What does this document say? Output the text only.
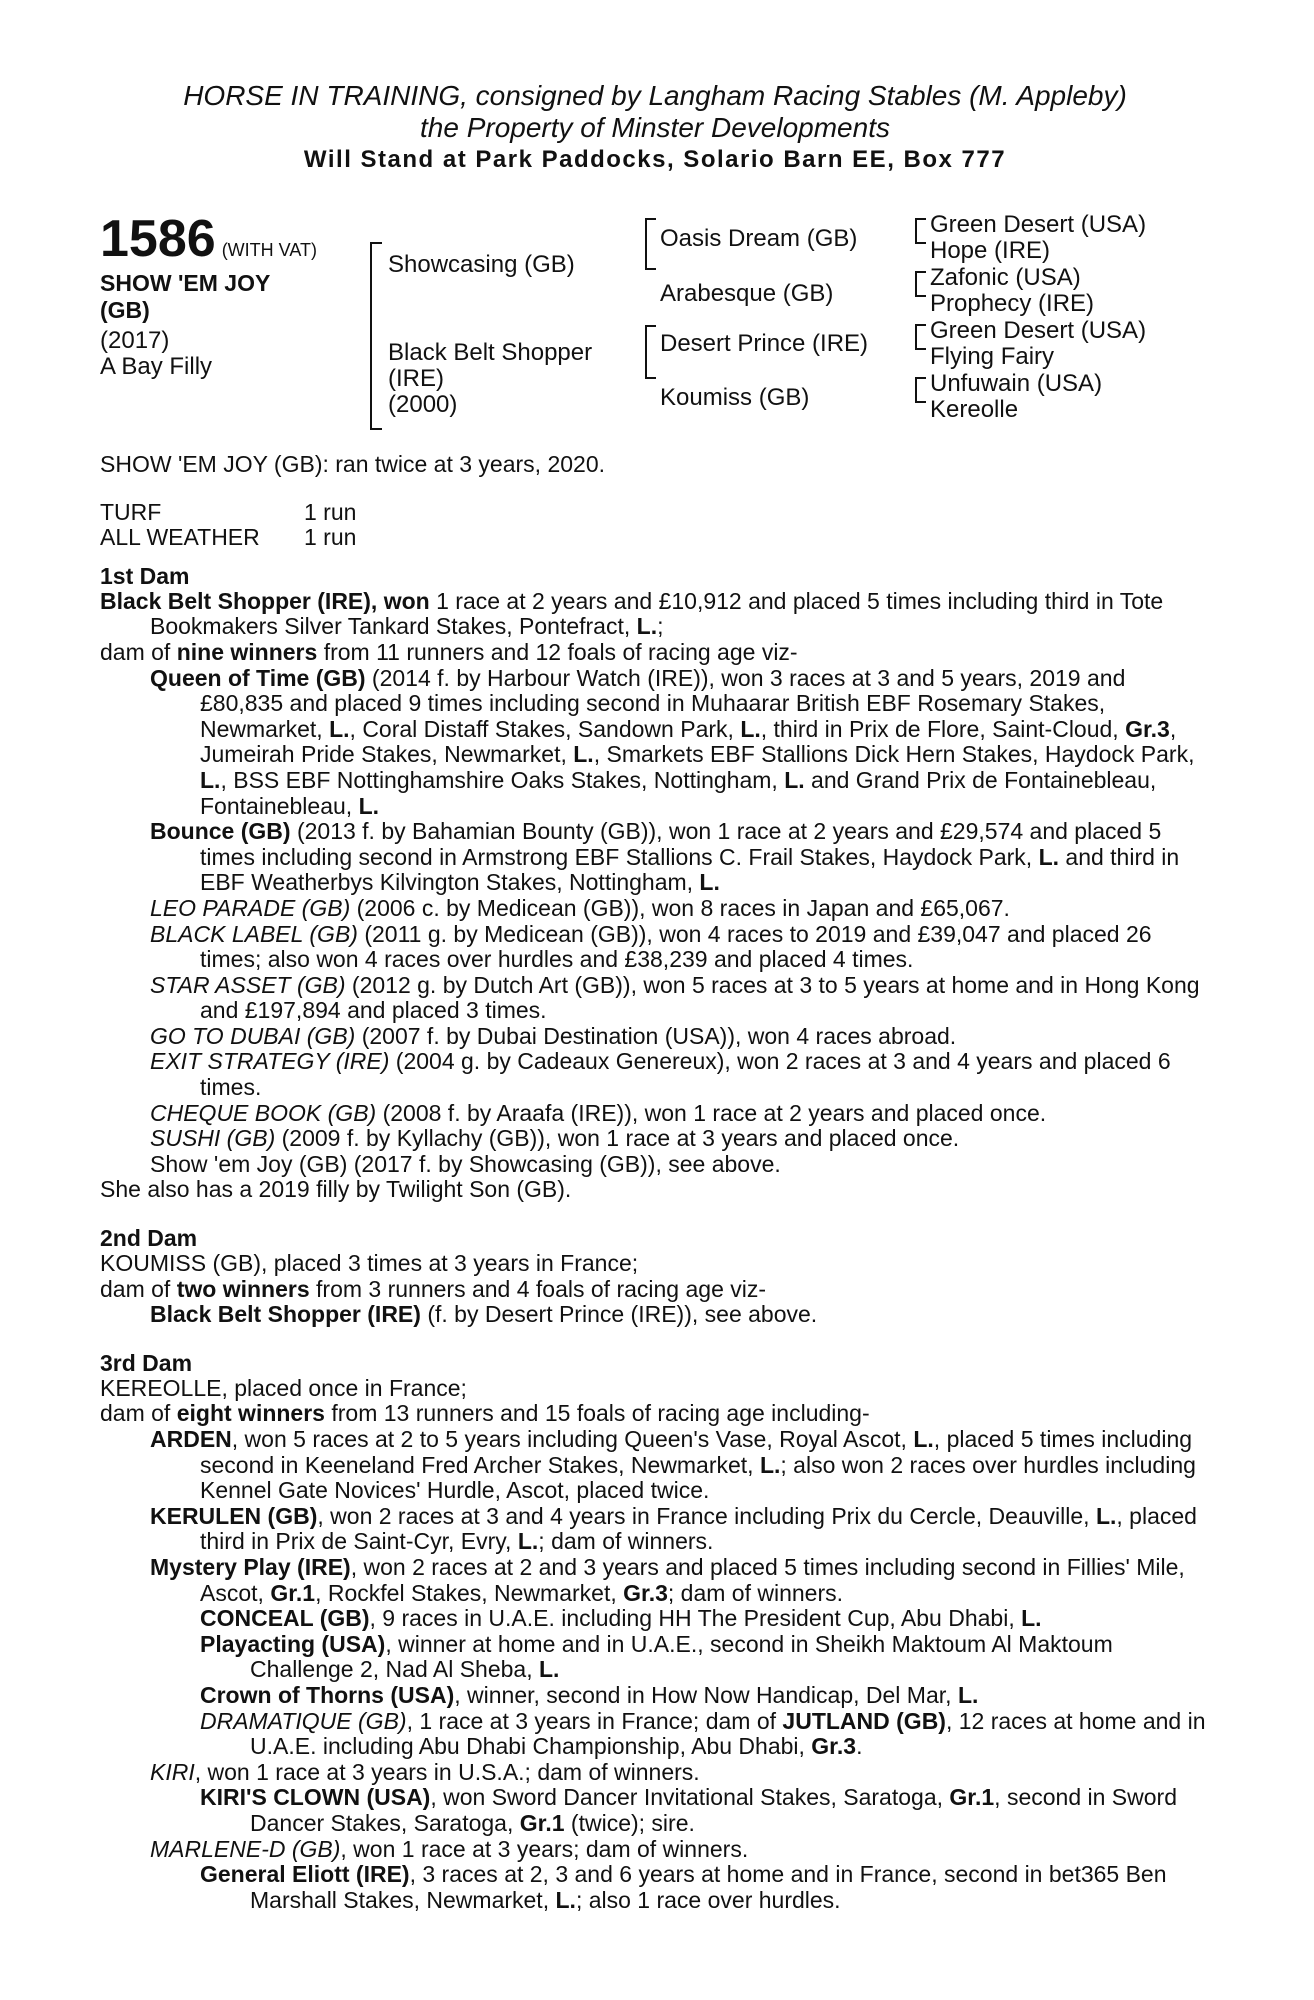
HORSE IN TRAINING, consigned by Langham Racing Stables (M. Appleby)
the Property of Minster Developments
Will Stand at Park Paddocks, Solario Barn EE, Box 777
1586 (WITH VAT)
SHOW 'EM JOY
(GB)
(2017)
A Bay Filly
Showcasing (GB)
Black Belt Shopper
(IRE)
(2000)
Oasis Dream (GB)
Arabesque (GB)
Desert Prince (IRE)
Koumiss (GB)
Green Desert (USA)
Hope (IRE)
Zafonic (USA)
Prophecy (IRE)
Green Desert (USA)
Flying Fairy
Unfuwain (USA)
Kereolle

SHOW 'EM JOY (GB): ran twice at 3 years, 2020.

TURF	1 run
ALL WEATHER	1 run
1st Dam

Black Belt Shopper (IRE), won 1 race at 2 years and £10,912 and placed 5 times including third in Tote Bookmakers Silver Tankard Stakes, Pontefract, L.;

dam of nine winners from 11 runners and 12 foals of racing age viz-

Queen of Time (GB) (2014 f. by Harbour Watch (IRE)), won 3 races at 3 and 5 years, 2019 and £80,835 and placed 9 times including second in Muhaarar British EBF Rosemary Stakes, Newmarket, L., Coral Distaff Stakes, Sandown Park, L., third in Prix de Flore, Saint-Cloud, Gr.3, Jumeirah Pride Stakes, Newmarket, L., Smarkets EBF Stallions Dick Hern Stakes, Haydock Park, L., BSS EBF Nottinghamshire Oaks Stakes, Nottingham, L. and Grand Prix de Fontainebleau, Fontainebleau, L.

Bounce (GB) (2013 f. by Bahamian Bounty (GB)), won 1 race at 2 years and £29,574 and placed 5 times including second in Armstrong EBF Stallions C. Frail Stakes, Haydock Park, L. and third in EBF Weatherbys Kilvington Stakes, Nottingham, L.

LEO PARADE (GB) (2006 c. by Medicean (GB)), won 8 races in Japan and £65,067.

BLACK LABEL (GB) (2011 g. by Medicean (GB)), won 4 races to 2019 and £39,047 and placed 26 times; also won 4 races over hurdles and £38,239 and placed 4 times.

STAR ASSET (GB) (2012 g. by Dutch Art (GB)), won 5 races at 3 to 5 years at home and in Hong Kong and £197,894 and placed 3 times.

GO TO DUBAI (GB) (2007 f. by Dubai Destination (USA)), won 4 races abroad.

EXIT STRATEGY (IRE) (2004 g. by Cadeaux Genereux), won 2 races at 3 and 4 years and placed 6 times.

CHEQUE BOOK (GB) (2008 f. by Araafa (IRE)), won 1 race at 2 years and placed once.

SUSHI (GB) (2009 f. by Kyllachy (GB)), won 1 race at 3 years and placed once.

Show 'em Joy (GB) (2017 f. by Showcasing (GB)), see above.

She also has a 2019 filly by Twilight Son (GB).

2nd Dam

KOUMISS (GB), placed 3 times at 3 years in France;

dam of two winners from 3 runners and 4 foals of racing age viz-

Black Belt Shopper (IRE) (f. by Desert Prince (IRE)), see above.

3rd Dam

KEREOLLE, placed once in France;

dam of eight winners from 13 runners and 15 foals of racing age including-

ARDEN, won 5 races at 2 to 5 years including Queen's Vase, Royal Ascot, L., placed 5 times including second in Keeneland Fred Archer Stakes, Newmarket, L.; also won 2 races over hurdles including Kennel Gate Novices' Hurdle, Ascot, placed twice.

KERULEN (GB), won 2 races at 3 and 4 years in France including Prix du Cercle, Deauville, L., placed third in Prix de Saint-Cyr, Evry, L.; dam of winners.

Mystery Play (IRE), won 2 races at 2 and 3 years and placed 5 times including second in Fillies' Mile, Ascot, Gr.1, Rockfel Stakes, Newmarket, Gr.3; dam of winners.

CONCEAL (GB), 9 races in U.A.E. including HH The President Cup, Abu Dhabi, L.

Playacting (USA), winner at home and in U.A.E., second in Sheikh Maktoum Al Maktoum Challenge 2, Nad Al Sheba, L.

Crown of Thorns (USA), winner, second in How Now Handicap, Del Mar, L.

DRAMATIQUE (GB), 1 race at 3 years in France; dam of JUTLAND (GB), 12 races at home and in U.A.E. including Abu Dhabi Championship, Abu Dhabi, Gr.3.

KIRI, won 1 race at 3 years in U.S.A.; dam of winners.

KIRI'S CLOWN (USA), won Sword Dancer Invitational Stakes, Saratoga, Gr.1, second in Sword Dancer Stakes, Saratoga, Gr.1 (twice); sire.

MARLENE-D (GB), won 1 race at 3 years; dam of winners.

General Eliott (IRE), 3 races at 2, 3 and 6 years at home and in France, second in bet365 Ben Marshall Stakes, Newmarket, L.; also 1 race over hurdles.
